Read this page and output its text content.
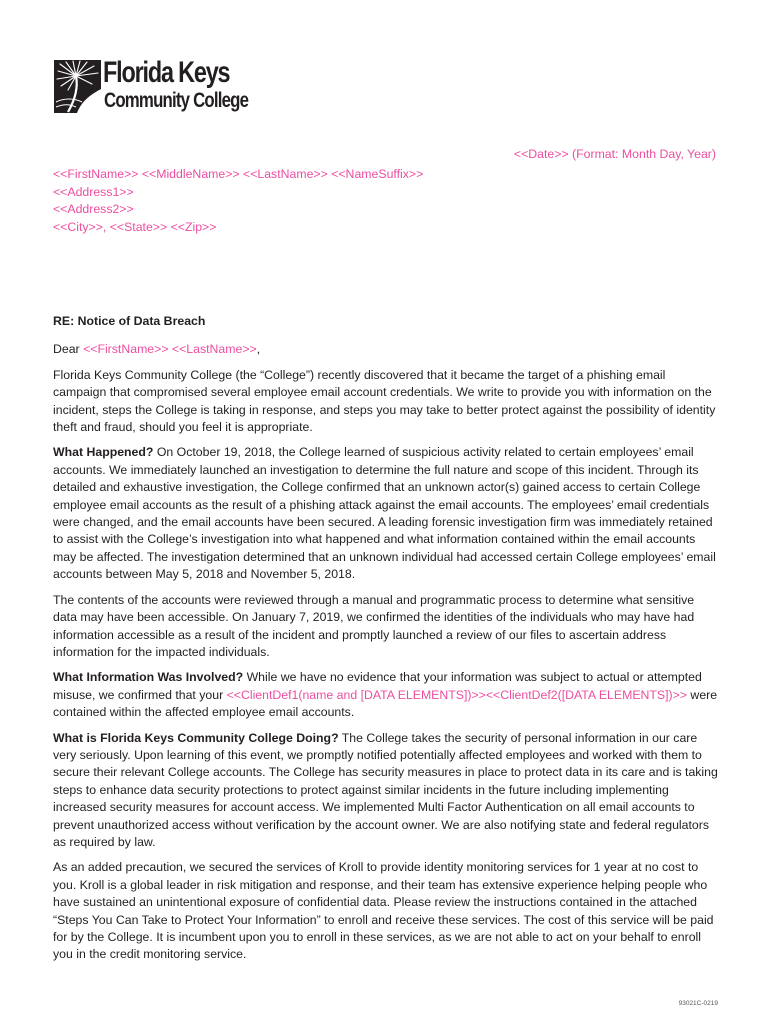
Florida Keys
Community College
<<Date>> (Format: Month Day, Year)
<<FirstName>> <<MiddleName>> <<LastName>> <<NameSuffix>>
<<Address1>>
<<Address2>>
<<City>>, <<State>> <<Zip>>

RE: Notice of Data Breach

Dear <<FirstName>> <<LastName>>,

Florida Keys Community College (the “College”) recently discovered that it became the target of a phishing email campaign that compromised several employee email account credentials. We write to provide you with information on the incident, steps the College is taking in response, and steps you may take to better protect against the possibility of identity theft and fraud, should you feel it is appropriate.

What Happened? On October 19, 2018, the College learned of suspicious activity related to certain employees’ email accounts. We immediately launched an investigation to determine the full nature and scope of this incident. Through its detailed and exhaustive investigation, the College confirmed that an unknown actor(s) gained access to certain College employee email accounts as the result of a phishing attack against the email accounts. The employees’ email credentials were changed, and the email accounts have been secured. A leading forensic investigation firm was immediately retained to assist with the College’s investigation into what happened and what information contained within the email accounts may be affected. The investigation determined that an unknown individual had accessed certain College employees’ email accounts between May 5, 2018 and November 5, 2018.

The contents of the accounts were reviewed through a manual and programmatic process to determine what sensitive data may have been accessible. On January 7, 2019, we confirmed the identities of the individuals who may have had information accessible as a result of the incident and promptly launched a review of our files to ascertain address information for the impacted individuals.

What Information Was Involved? While we have no evidence that your information was subject to actual or attempted misuse, we confirmed that your <<ClientDef1(name and [DATA ELEMENTS])>><<ClientDef2([DATA ELEMENTS])>> were contained within the affected employee email accounts.

What is Florida Keys Community College Doing? The College takes the security of personal information in our care very seriously. Upon learning of this event, we promptly notified potentially affected employees and worked with them to secure their relevant College accounts. The College has security measures in place to protect data in its care and is taking steps to enhance data security protections to protect against similar incidents in the future including implementing increased security measures for account access. We implemented Multi Factor Authentication on all email accounts to prevent unauthorized access without verification by the account owner. We are also notifying state and federal regulators as required by law.

As an added precaution, we secured the services of Kroll to provide identity monitoring services for 1 year at no cost to you. Kroll is a global leader in risk mitigation and response, and their team has extensive experience helping people who have sustained an unintentional exposure of confidential data. Please review the instructions contained in the attached “Steps You Can Take to Protect Your Information” to enroll and receive these services. The cost of this service will be paid for by the College. It is incumbent upon you to enroll in these services, as we are not able to act on your behalf to enroll you in the credit monitoring service.

93021C-0219
